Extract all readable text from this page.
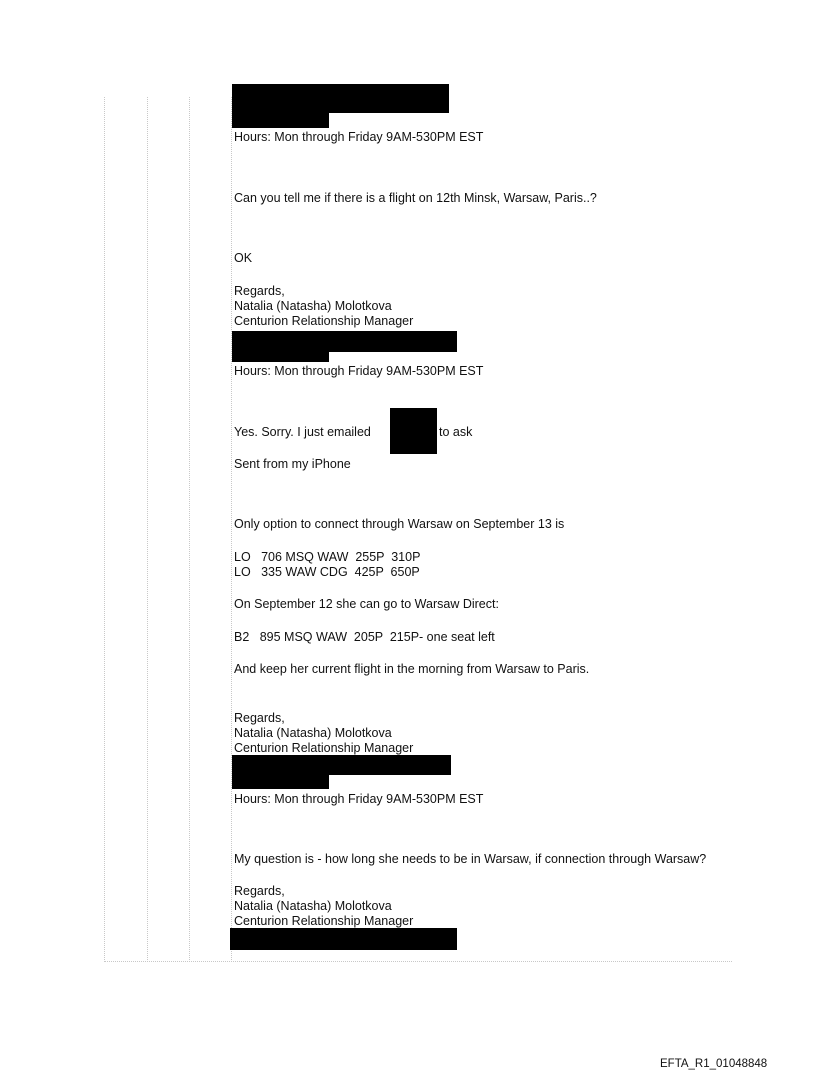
Hours: Mon through Friday 9AM-530PM EST
Can you tell me if there is a flight on 12th Minsk, Warsaw, Paris..?
OK
Regards,
Natalia (Natasha) Molotkova
Centurion Relationship Manager
Hours: Mon through Friday 9AM-530PM EST
Yes. Sorry. I just emailed	to ask
Sent from my iPhone
Only option to connect through Warsaw on September 13 is
LO   706 MSQ WAW  255P  310P
LO   335 WAW CDG  425P  650P
On September 12 she can go to Warsaw Direct:
B2   895 MSQ WAW  205P  215P- one seat left
And keep her current flight in the morning from Warsaw to Paris.
Regards,
Natalia (Natasha) Molotkova
Centurion Relationship Manager
Hours: Mon through Friday 9AM-530PM EST
My question is - how long she needs to be in Warsaw, if connection through Warsaw?
Regards,
Natalia (Natasha) Molotkova
Centurion Relationship Manager
EFTA_R1_01048848
